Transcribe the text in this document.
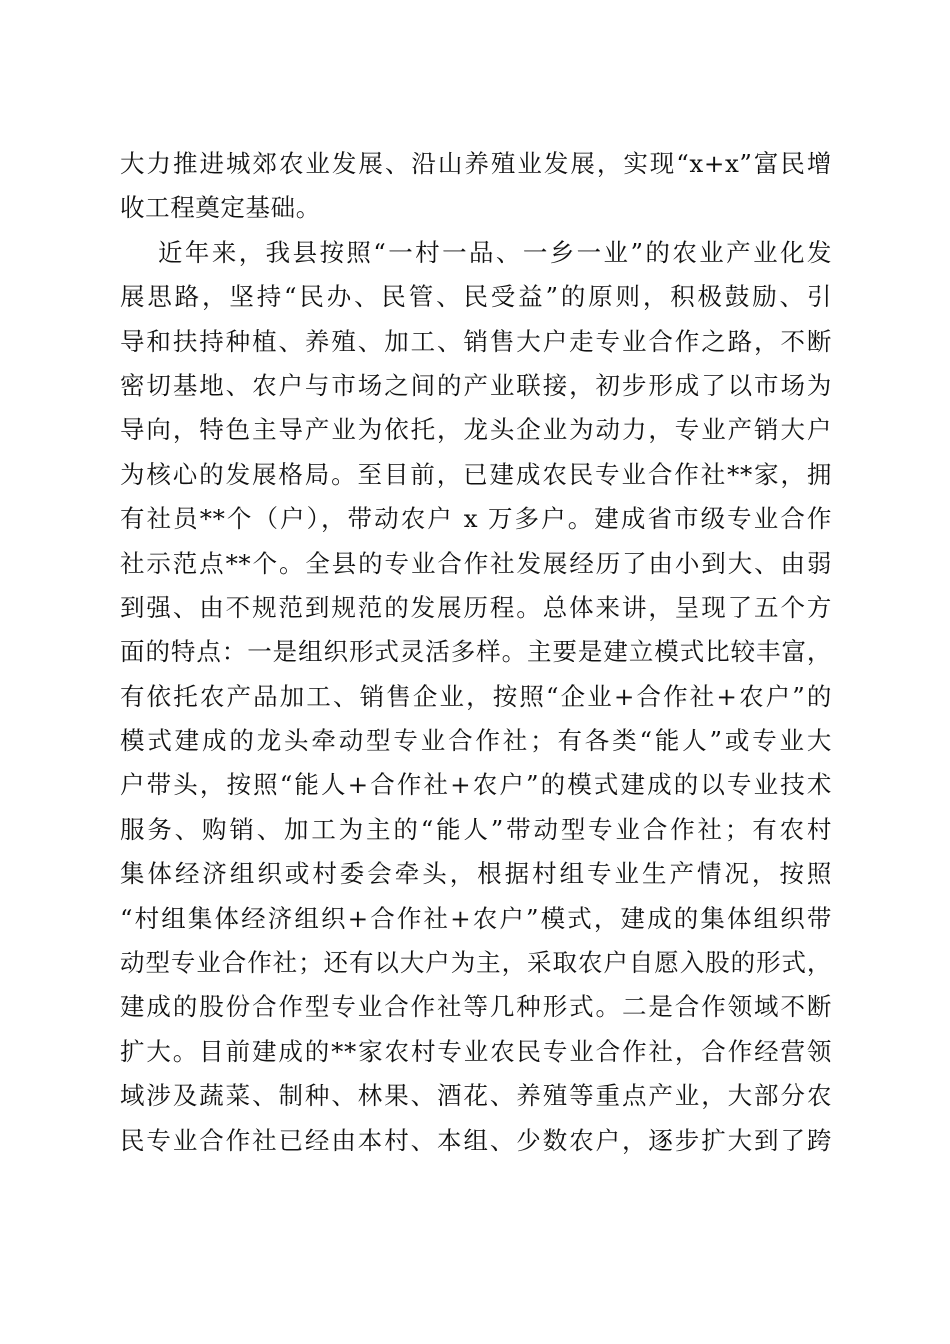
大力推进城郊农业发展、沿山养殖业发展，实现“x+x”富民增
收工程奠定基础。
近年来，我县按照“一村一品、一乡一业”的农业产业化发
展思路，坚持“民办、民管、民受益”的原则，积极鼓励、引
导和扶持种植、养殖、加工、销售大户走专业合作之路，不断
密切基地、农户与市场之间的产业联接，初步形成了以市场为
导向，特色主导产业为依托，龙头企业为动力，专业产销大户
为核心的发展格局。至目前，已建成农民专业合作社**家，拥
有社员**个（户），带动农户 x 万多户。建成省市级专业合作
社示范点**个。全县的专业合作社发展经历了由小到大、由弱
到强、由不规范到规范的发展历程。总体来讲，呈现了五个方
面的特点：一是组织形式灵活多样。主要是建立模式比较丰富，
有依托农产品加工、销售企业，按照“企业+合作社+农户”的
模式建成的龙头牵动型专业合作社；有各类“能人”或专业大
户带头，按照“能人+合作社+农户”的模式建成的以专业技术
服务、购销、加工为主的“能人”带动型专业合作社；有农村
集体经济组织或村委会牵头，根据村组专业生产情况，按照
“村组集体经济组织+合作社+农户”模式，建成的集体组织带
动型专业合作社；还有以大户为主，采取农户自愿入股的形式，
建成的股份合作型专业合作社等几种形式。二是合作领域不断
扩大。目前建成的**家农村专业农民专业合作社，合作经营领
域涉及蔬菜、制种、林果、酒花、养殖等重点产业，大部分农
民专业合作社已经由本村、本组、少数农户，逐步扩大到了跨
